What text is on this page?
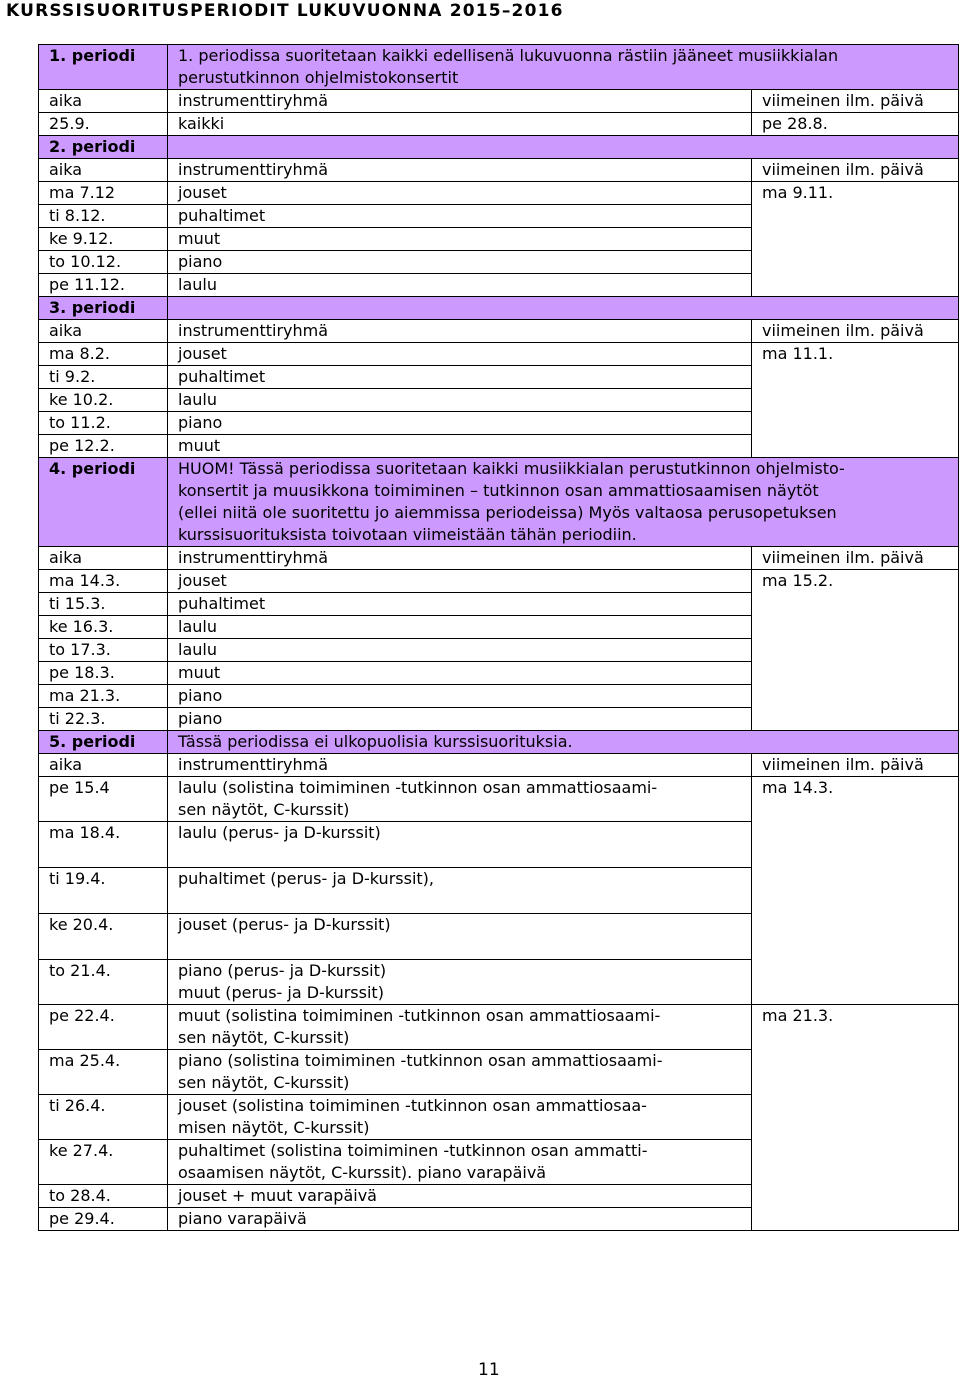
KURSSISUORITUSPERIODIT LUKUVUONNA 2015–2016
1. periodi	1. periodissa suoritetaan kaikki edellisenä lukuvuonna rästiin jääneet musiikkialan
perustutkinnon ohjelmistokonsertit	

aika	instrumenttiryhmä	viimeinen ilm. päivä
25.9.	kaikki	pe 28.8.
2. periodi		
aika	instrumenttiryhmä	viimeinen ilm. päivä
ma 7.12	jouset	ma 9.11.
ti 8.12.	puhaltimet	
ke 9.12.	muut	
to 10.12.	piano	
pe 11.12.	laulu	
3. periodi		
aika	instrumenttiryhmä	viimeinen ilm. päivä
ma 8.2.	jouset	ma 11.1.
ti 9.2.	puhaltimet	
ke 10.2.	laulu	
to 11.2.	piano	
pe 12.2.	muut	
4. periodi	HUOM! Tässä periodissa suoritetaan kaikki musiikkialan perustutkinnon ohjelmisto-
konsertit ja muusikkona toimiminen – tutkinnon osan ammattiosaamisen näytöt
(ellei niitä ole suoritettu jo aiemmissa periodeissa) Myös valtaosa perusopetuksen
kurssisuorituksista toivotaan viimeistään tähän periodiin.	

aika	instrumenttiryhmä	viimeinen ilm. päivä
ma 14.3.	jouset	ma 15.2.
ti 15.3.	puhaltimet	
ke 16.3.	laulu	
to 17.3.	laulu	
pe 18.3.	muut	
ma 21.3.	piano	
ti 22.3.	piano	
5. periodi	Tässä periodissa ei ulkopuolisia kurssisuorituksia.	
aika	instrumenttiryhmä	viimeinen ilm. päivä
pe 15.4	laulu (solistina toimiminen -tutkinnon osan ammattiosaami-
sen näytöt, C-kurssit)	ma 14.3.
ma 18.4.	laulu (perus- ja D-kurssit)	
ti 19.4.	puhaltimet (perus- ja D-kurssit),	
ke 20.4.	jouset (perus- ja D-kurssit)	
to 21.4.	piano (perus- ja D-kurssit)
muut (perus- ja D-kurssit)	

pe 22.4.	muut (solistina toimiminen -tutkinnon osan ammattiosaami-
sen näytöt, C-kurssit)	ma 21.3.
ma 25.4.	piano (solistina toimiminen -tutkinnon osan ammattiosaami-
sen näytöt, C-kurssit)	

ti 26.4.	jouset (solistina toimiminen -tutkinnon osan ammattiosaa-
misen näytöt, C-kurssit)	

ke 27.4.	puhaltimet (solistina toimiminen -tutkinnon osan ammatti-
osaamisen näytöt, C-kurssit). piano varapäivä	

to 28.4.	jouset + muut varapäivä	
pe 29.4.	piano varapäivä	
11
